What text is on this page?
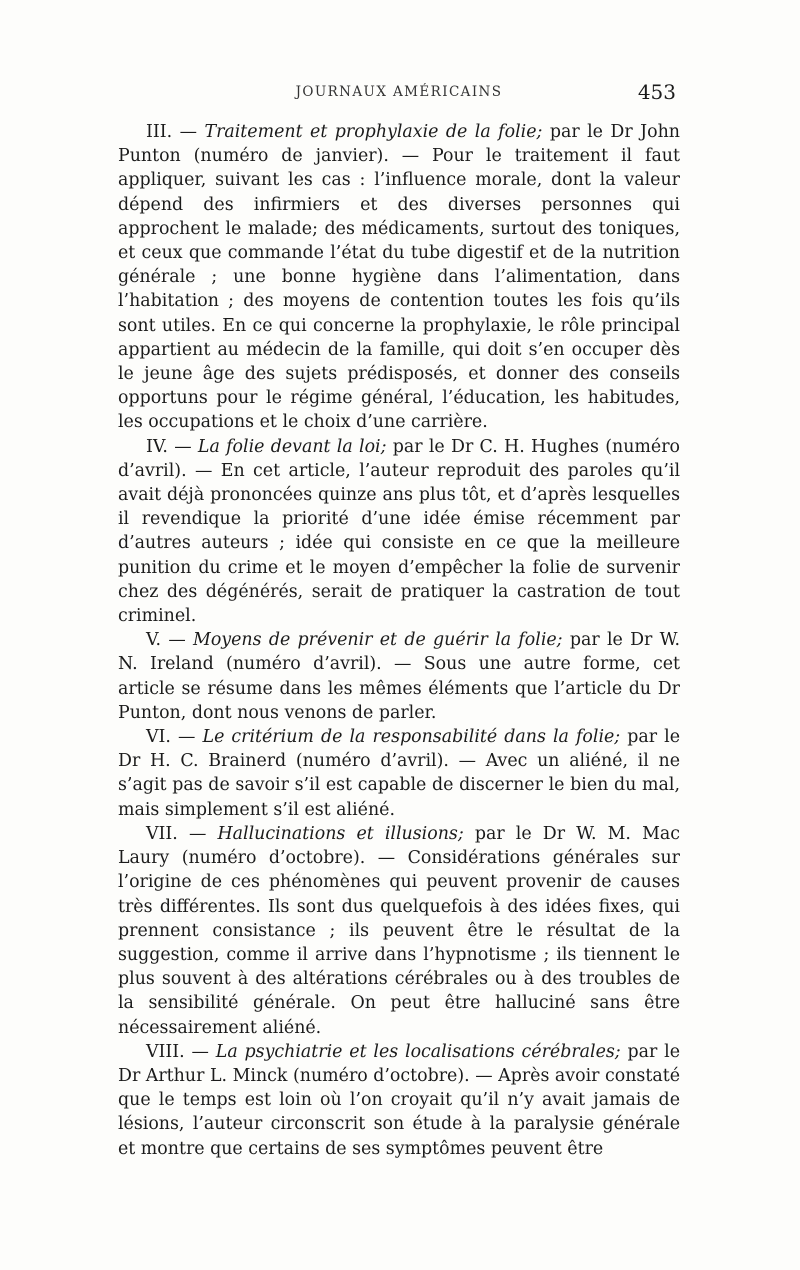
JOURNAUX AMÉRICAINS	453

III. — Traitement et prophylaxie de la folie; par le Dr John Punton (numéro de janvier). — Pour le traitement il faut appliquer, suivant les cas : l’influence morale, dont la valeur dépend des infirmiers et des diverses personnes qui approchent le malade; des médicaments, surtout des toniques, et ceux que commande l’état du tube digestif et de la nutrition générale ; une bonne hygiène dans l’alimentation, dans l’habitation ; des moyens de contention toutes les fois qu’ils sont utiles. En ce qui concerne la prophylaxie, le rôle principal appartient au médecin de la famille, qui doit s’en occuper dès le jeune âge des sujets prédisposés, et donner des conseils opportuns pour le régime général, l’éducation, les habitudes, les occupations et le choix d’une carrière.

IV. — La folie devant la loi; par le Dr C. H. Hughes (numéro d’avril). — En cet article, l’auteur reproduit des paroles qu’il avait déjà prononcées quinze ans plus tôt, et d’après lesquelles il revendique la priorité d’une idée émise récemment par d’autres auteurs ; idée qui consiste en ce que la meilleure punition du crime et le moyen d’empêcher la folie de survenir chez des dégénérés, serait de pratiquer la castration de tout criminel.

V. — Moyens de prévenir et de guérir la folie; par le Dr W. N. Ireland (numéro d’avril). — Sous une autre forme, cet article se résume dans les mêmes éléments que l’article du Dr Punton, dont nous venons de parler.

VI. — Le critérium de la responsabilité dans la folie; par le Dr H. C. Brainerd (numéro d’avril). — Avec un aliéné, il ne s’agit pas de savoir s’il est capable de discerner le bien du mal, mais simplement s’il est aliéné.

VII. — Hallucinations et illusions; par le Dr W. M. Mac Laury (numéro d’octobre). — Considérations générales sur l’origine de ces phénomènes qui peuvent provenir de causes très différentes. Ils sont dus quelquefois à des idées fixes, qui prennent consistance ; ils peuvent être le résultat de la suggestion, comme il arrive dans l’hypnotisme ; ils tiennent le plus souvent à des altérations cérébrales ou à des troubles de la sensibilité générale. On peut être halluciné sans être nécessairement aliéné.

VIII. — La psychiatrie et les localisations cérébrales; par le Dr Arthur L. Minck (numéro d’octobre). — Après avoir constaté que le temps est loin où l’on croyait qu’il n’y avait jamais de lésions, l’auteur circonscrit son étude à la paralysie générale et montre que certains de ses symptômes peuvent être
